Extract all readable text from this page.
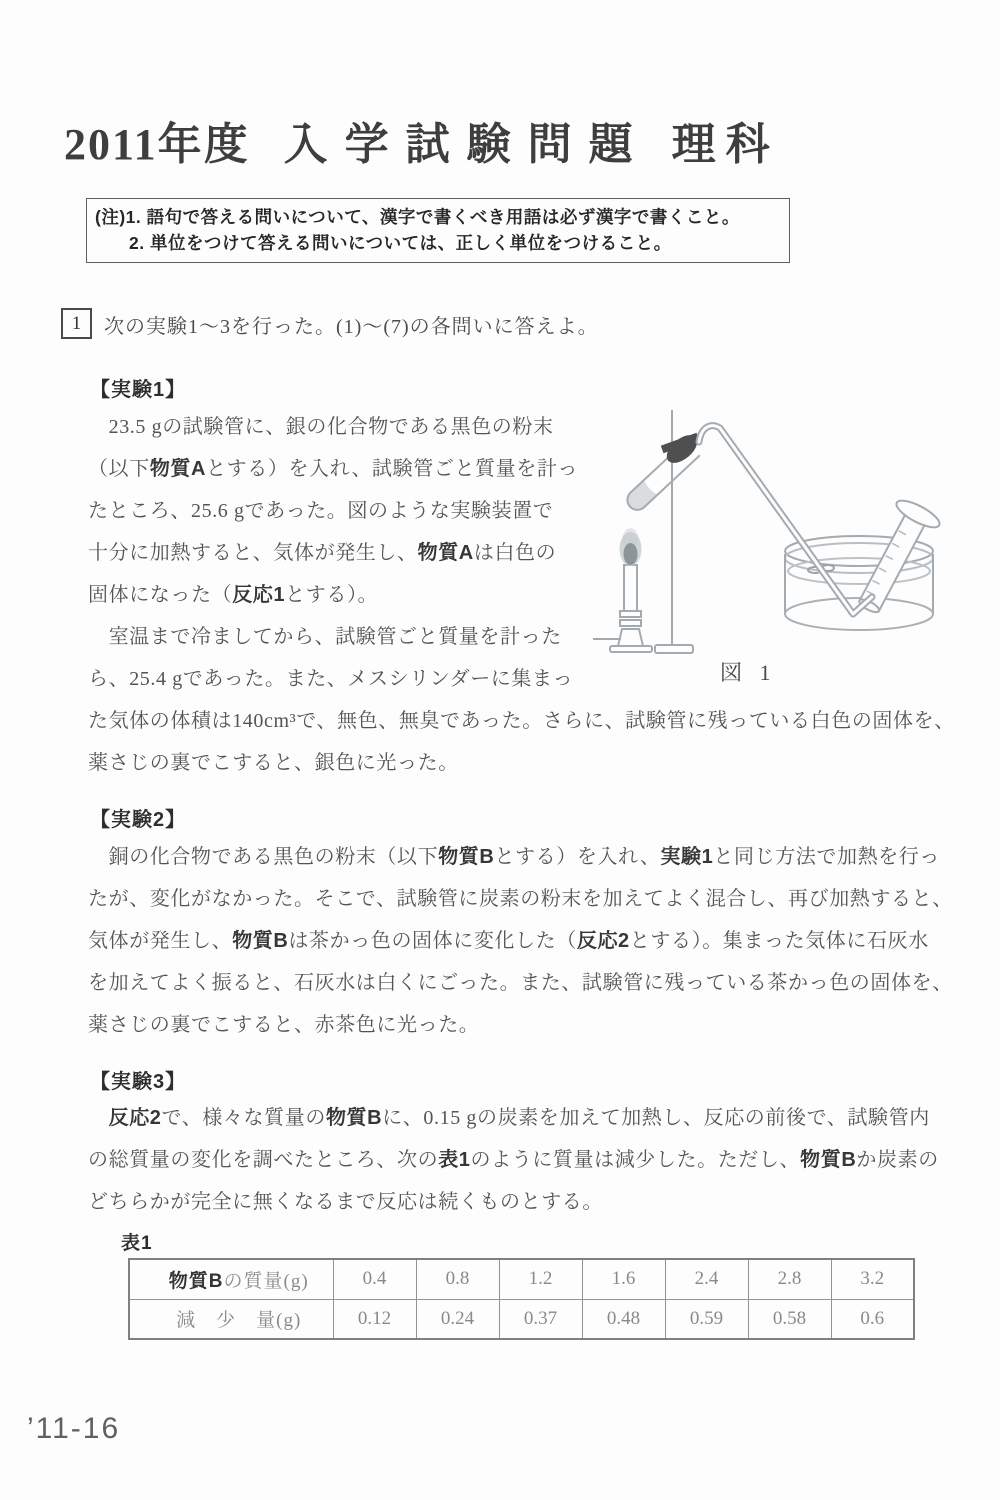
2011年度 入学試験問題 理科
(注)1. 語句で答える問いについて、漢字で書くべき用語は必ず漢字で書くこと。
2. 単位をつけて答える問いについては、正しく単位をつけること。
1	次の実験1～3を行った。(1)～(7)の各問いに答えよ。
【実験1】
　23.5 gの試験管に、銀の化合物である黒色の粉末
（以下物質Aとする）を入れ、試験管ごと質量を計っ
たところ、25.6 gであった。図のような実験装置で
十分に加熱すると、気体が発生し、物質Aは白色の
固体になった（反応1とする）。
　室温まで冷ましてから、試験管ごと質量を計った
ら、25.4 gであった。また、メスシリンダーに集まっ
た気体の体積は140cm³で、無色、無臭であった。さらに、試験管に残っている白色の固体を、
薬さじの裏でこすると、銀色に光った。
図 1
【実験2】
　銅の化合物である黒色の粉末（以下物質Bとする）を入れ、実験1と同じ方法で加熱を行っ
たが、変化がなかった。そこで、試験管に炭素の粉末を加えてよく混合し、再び加熱すると、
気体が発生し、物質Bは茶かっ色の固体に変化した（反応2とする）。集まった気体に石灰水
を加えてよく振ると、石灰水は白くにごった。また、試験管に残っている茶かっ色の固体を、
薬さじの裏でこすると、赤茶色に光った。
【実験3】
　反応2で、様々な質量の物質Bに、0.15 gの炭素を加えて加熱し、反応の前後で、試験管内
の総質量の変化を調べたところ、次の表1のように質量は減少した。ただし、物質Bか炭素の
どちらかが完全に無くなるまで反応は続くものとする。
表1
物質Bの質量(g)	0.4	0.8	1.2	1.6	2.4	2.8	3.2
減　少　量(g)	0.12	0.24	0.37	0.48	0.59	0.58	0.6
’11-16
